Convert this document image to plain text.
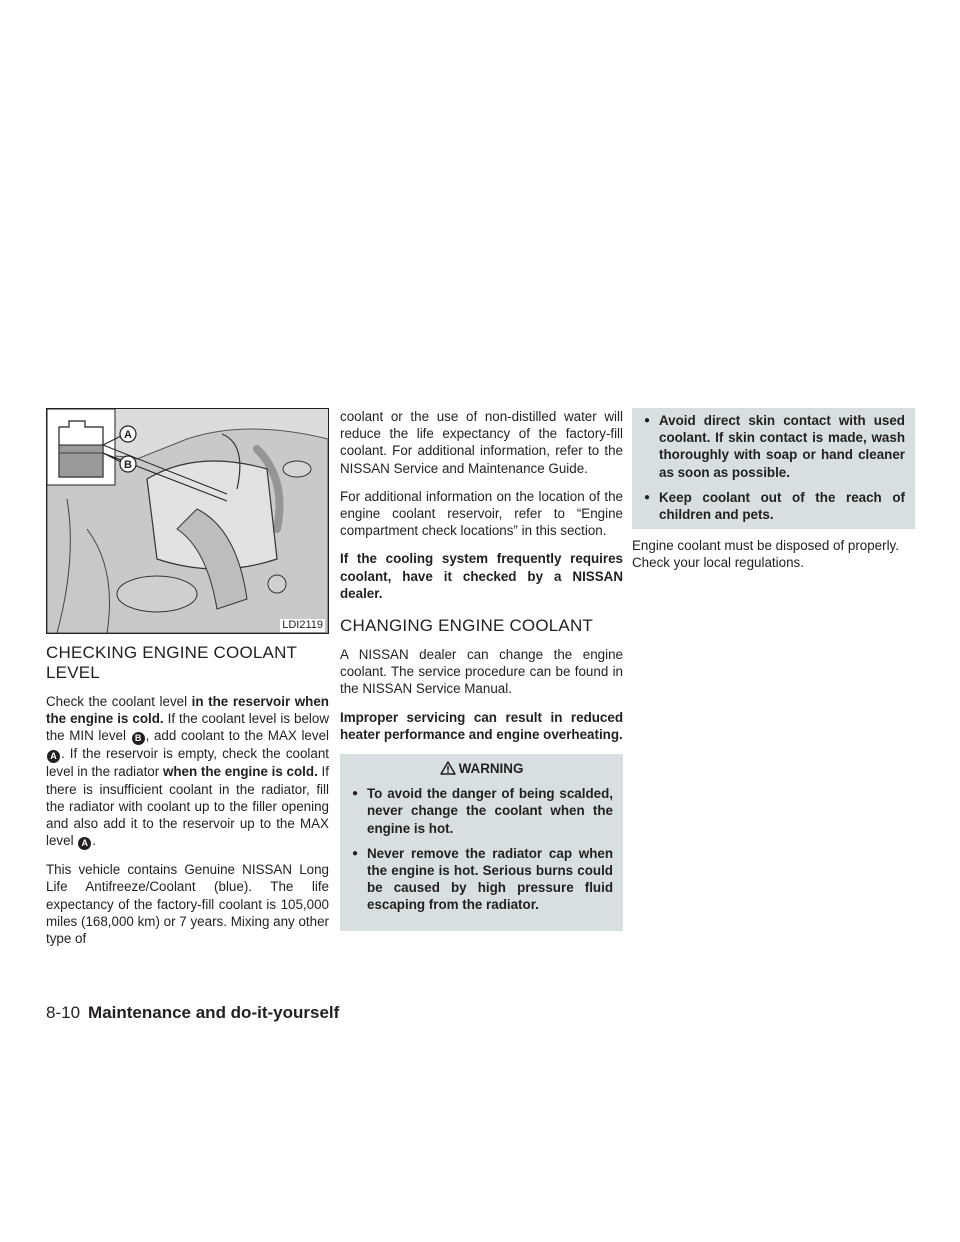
A
B
LDI2119
CHECKING ENGINE COOLANT LEVEL

Check the coolant level in the reservoir when the engine is cold. If the coolant level is below the MIN level B , add coolant to the MAX level A . If the reservoir is empty, check the coolant level in the radiator when the engine is cold. If there is insufficient coolant in the radiator, fill the radiator with coolant up to the filler opening and also add it to the reservoir up to the MAX level A .

This vehicle contains Genuine NISSAN Long Life Antifreeze/Coolant (blue). The life expectancy of the factory-fill coolant is 105,000 miles (168,000 km) or 7 years. Mixing any other type of

coolant or the use of non-distilled water will reduce the life expectancy of the factory-fill coolant. For additional information, refer to the NISSAN Service and Maintenance Guide.

For additional information on the location of the engine coolant reservoir, refer to “Engine compartment check locations” in this section.

If the cooling system frequently requires coolant, have it checked by a NISSAN dealer.

CHANGING ENGINE COOLANT

A NISSAN dealer can change the engine coolant. The service procedure can be found in the NISSAN Service Manual.

Improper servicing can result in reduced heater performance and engine overheating.

WARNING
● To avoid the danger of being scalded, never change the coolant when the engine is hot.
● Never remove the radiator cap when the engine is hot. Serious burns could be caused by high pressure fluid escaping from the radiator.
● Avoid direct skin contact with used coolant. If skin contact is made, wash thoroughly with soap or hand cleaner as soon as possible.
● Keep coolant out of the reach of children and pets.

Engine coolant must be disposed of properly. Check your local regulations.

8-10 Maintenance and do-it-yourself
